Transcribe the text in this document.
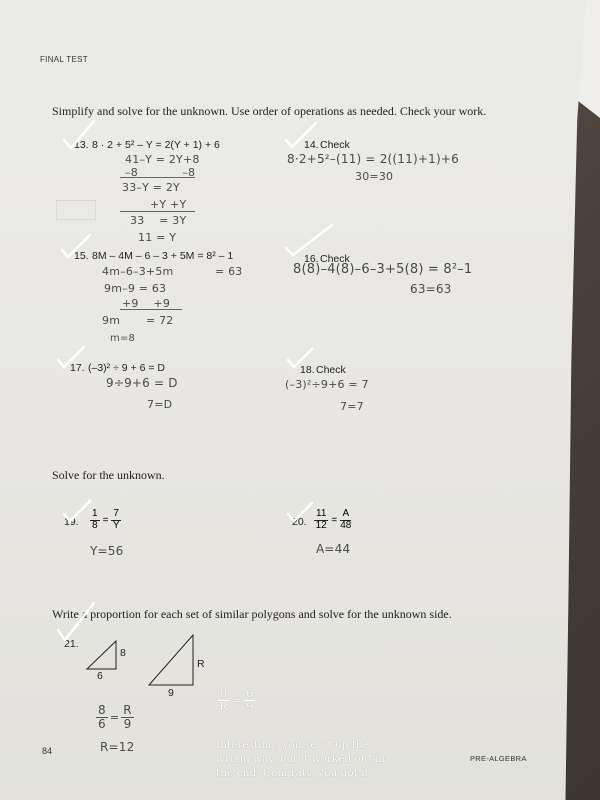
FINAL TEST
Simplify and solve for the unknown. Use order of operations as needed. Check your work.
13. 8 · 2 + 5² – Y = 2(Y + 1) + 6
41–Y = 2Y+8
–8            –8
33–Y = 2Y
+Y +Y
33    = 3Y
11 = Y
14. Check
8·2+5²–(11) = 2((11)+1)+6
30=30
15. 8M – 4M – 6 – 3 + 5M = 8² – 1
4m–6–3+5m	= 63
9m–9 = 63
+9    +9
9m = 72
m=8
16. Check
8(8)–4(8)–6–3+5(8) = 8²–1
63=63
17. (–3)² ÷ 9 + 6 = D
9÷9+6 = D
7=D
18. Check
(–3)²÷9+6 = 7
7=7
Solve for the unknown.
19. $\frac{1}{8} = \frac{7}{Y}$
Y=56
20. $\frac{11}{12} = \frac{A}{48}$
A=44
Write a proportion for each set of similar polygons and solve for the unknown side.
21.
8
6
R
9
$\frac{8}{6} = \frac{R}{9}$
R=12
$\frac{8}{R} = \frac{6}{9}$
Interesting! you set it up the
wrong way, but it worked out in
the end. Congrats, you got it!
84
PRE-ALGEBRA
